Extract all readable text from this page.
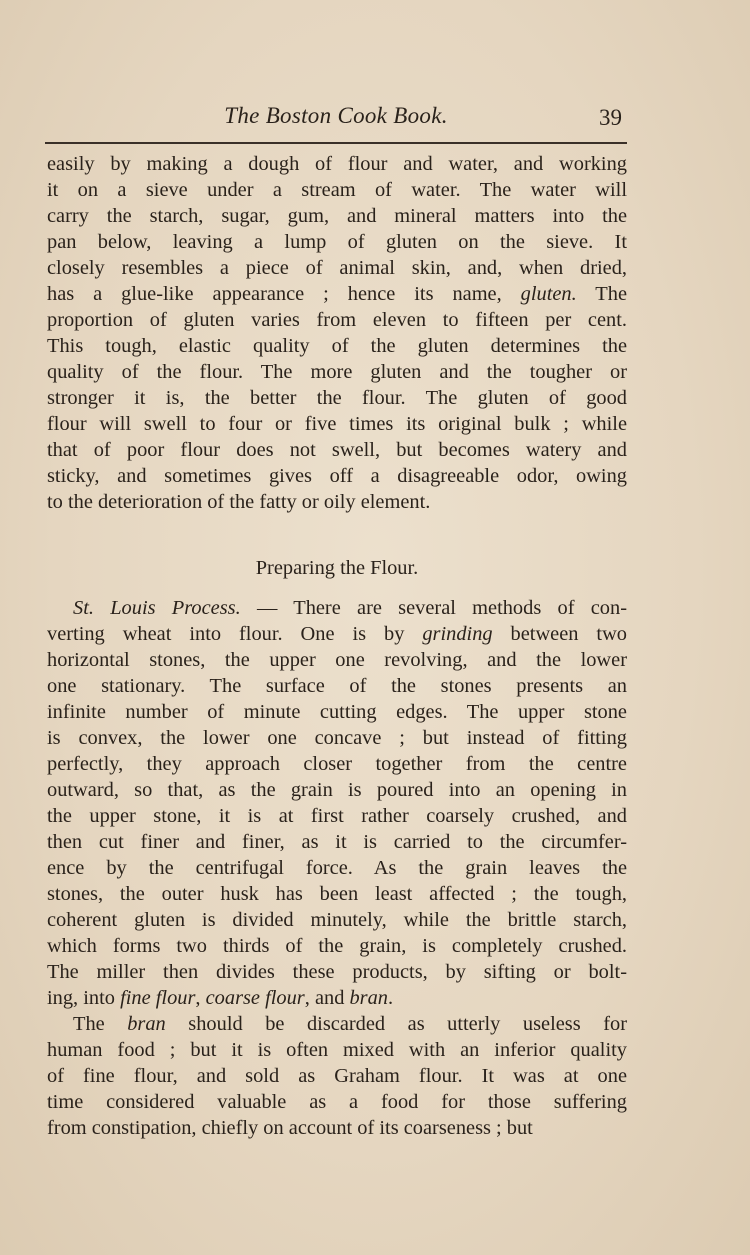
The Boston Cook Book.	39
easily by making a dough of flour and water, and working
it on a sieve under a stream of water. The water will
carry the starch, sugar, gum, and mineral matters into the
pan below, leaving a lump of gluten on the sieve. It
closely resembles a piece of animal skin, and, when dried,
has a glue-like appearance ; hence its name, gluten. The
proportion of gluten varies from eleven to fifteen per cent.
This tough, elastic quality of the gluten determines the
quality of the flour. The more gluten and the tougher or
stronger it is, the better the flour. The gluten of good
flour will swell to four or five times its original bulk ; while
that of poor flour does not swell, but becomes watery and
sticky, and sometimes gives off a disagreeable odor, owing
to the deterioration of the fatty or oily element.
Preparing the Flour.
St. Louis Process. — There are several methods of con-
verting wheat into flour. One is by grinding between two
horizontal stones, the upper one revolving, and the lower
one stationary. The surface of the stones presents an
infinite number of minute cutting edges. The upper stone
is convex, the lower one concave ; but instead of fitting
perfectly, they approach closer together from the centre
outward, so that, as the grain is poured into an opening in
the upper stone, it is at first rather coarsely crushed, and
then cut finer and finer, as it is carried to the circumfer-
ence by the centrifugal force. As the grain leaves the
stones, the outer husk has been least affected ; the tough,
coherent gluten is divided minutely, while the brittle starch,
which forms two thirds of the grain, is completely crushed.
The miller then divides these products, by sifting or bolt-
ing, into fine flour, coarse flour, and bran.
The bran should be discarded as utterly useless for
human food ; but it is often mixed with an inferior quality
of fine flour, and sold as Graham flour. It was at one
time considered valuable as a food for those suffering
from constipation, chiefly on account of its coarseness ; but
